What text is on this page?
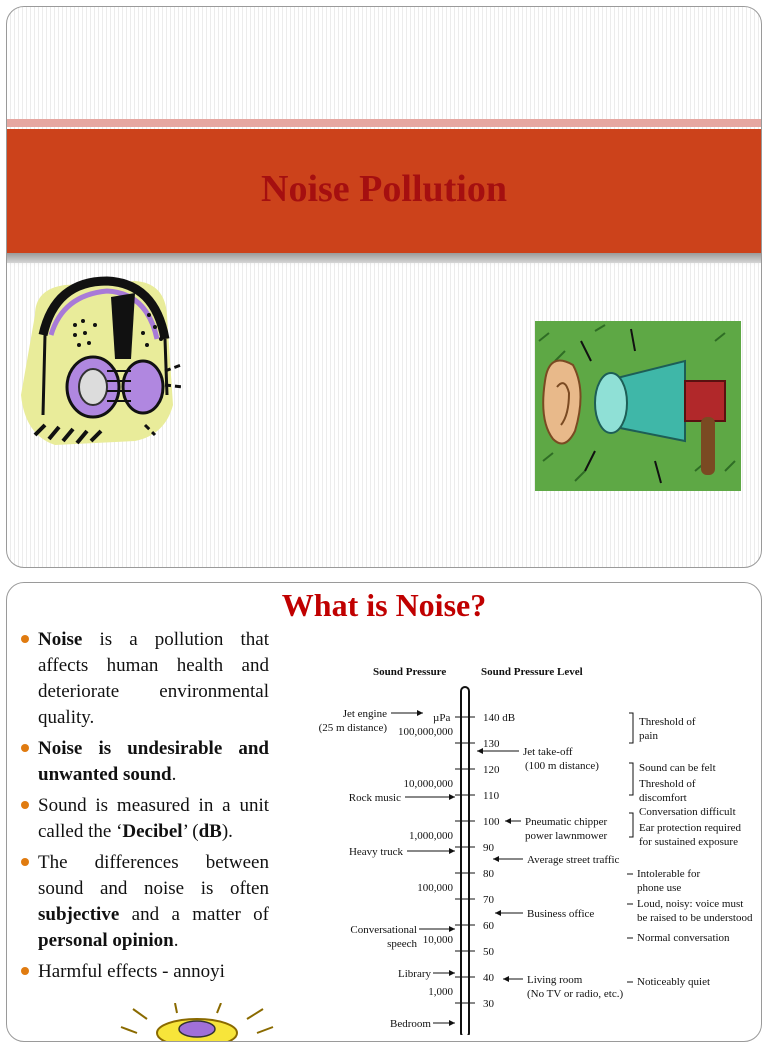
Noise Pollution
What is Noise?
Noise is a pollution that affects human health and deteriorate environmental quality.
Noise is undesirable and unwanted sound.
Sound is measured in a unit called the ‘Decibel’ (dB).
The differences between sound and noise is often subjective and a matter of personal opinion.
Harmful effects - annoyi
Sound Pressure	Sound Pressure Level
140 dB
130
120
110
100
90
80
70
60
50
40
30
µPa
100,000,000
10,000,000
1,000,000
100,000
10,000
1,000
Jet engine
(25 m distance)
Rock music
Heavy truck
Conversational
speech
Library
Bedroom
Jet take-off
(100 m distance)
Pneumatic chipper
power lawnmower
Average street traffic
Business office
Living room
(No TV or radio, etc.)
Threshold of
pain
Sound can be felt
Threshold of
discomfort
Conversation difficult
Ear protection required
for sustained exposure
Intolerable for
phone use
Loud, noisy: voice must
be raised to be understood
Normal conversation
Noticeably quiet
